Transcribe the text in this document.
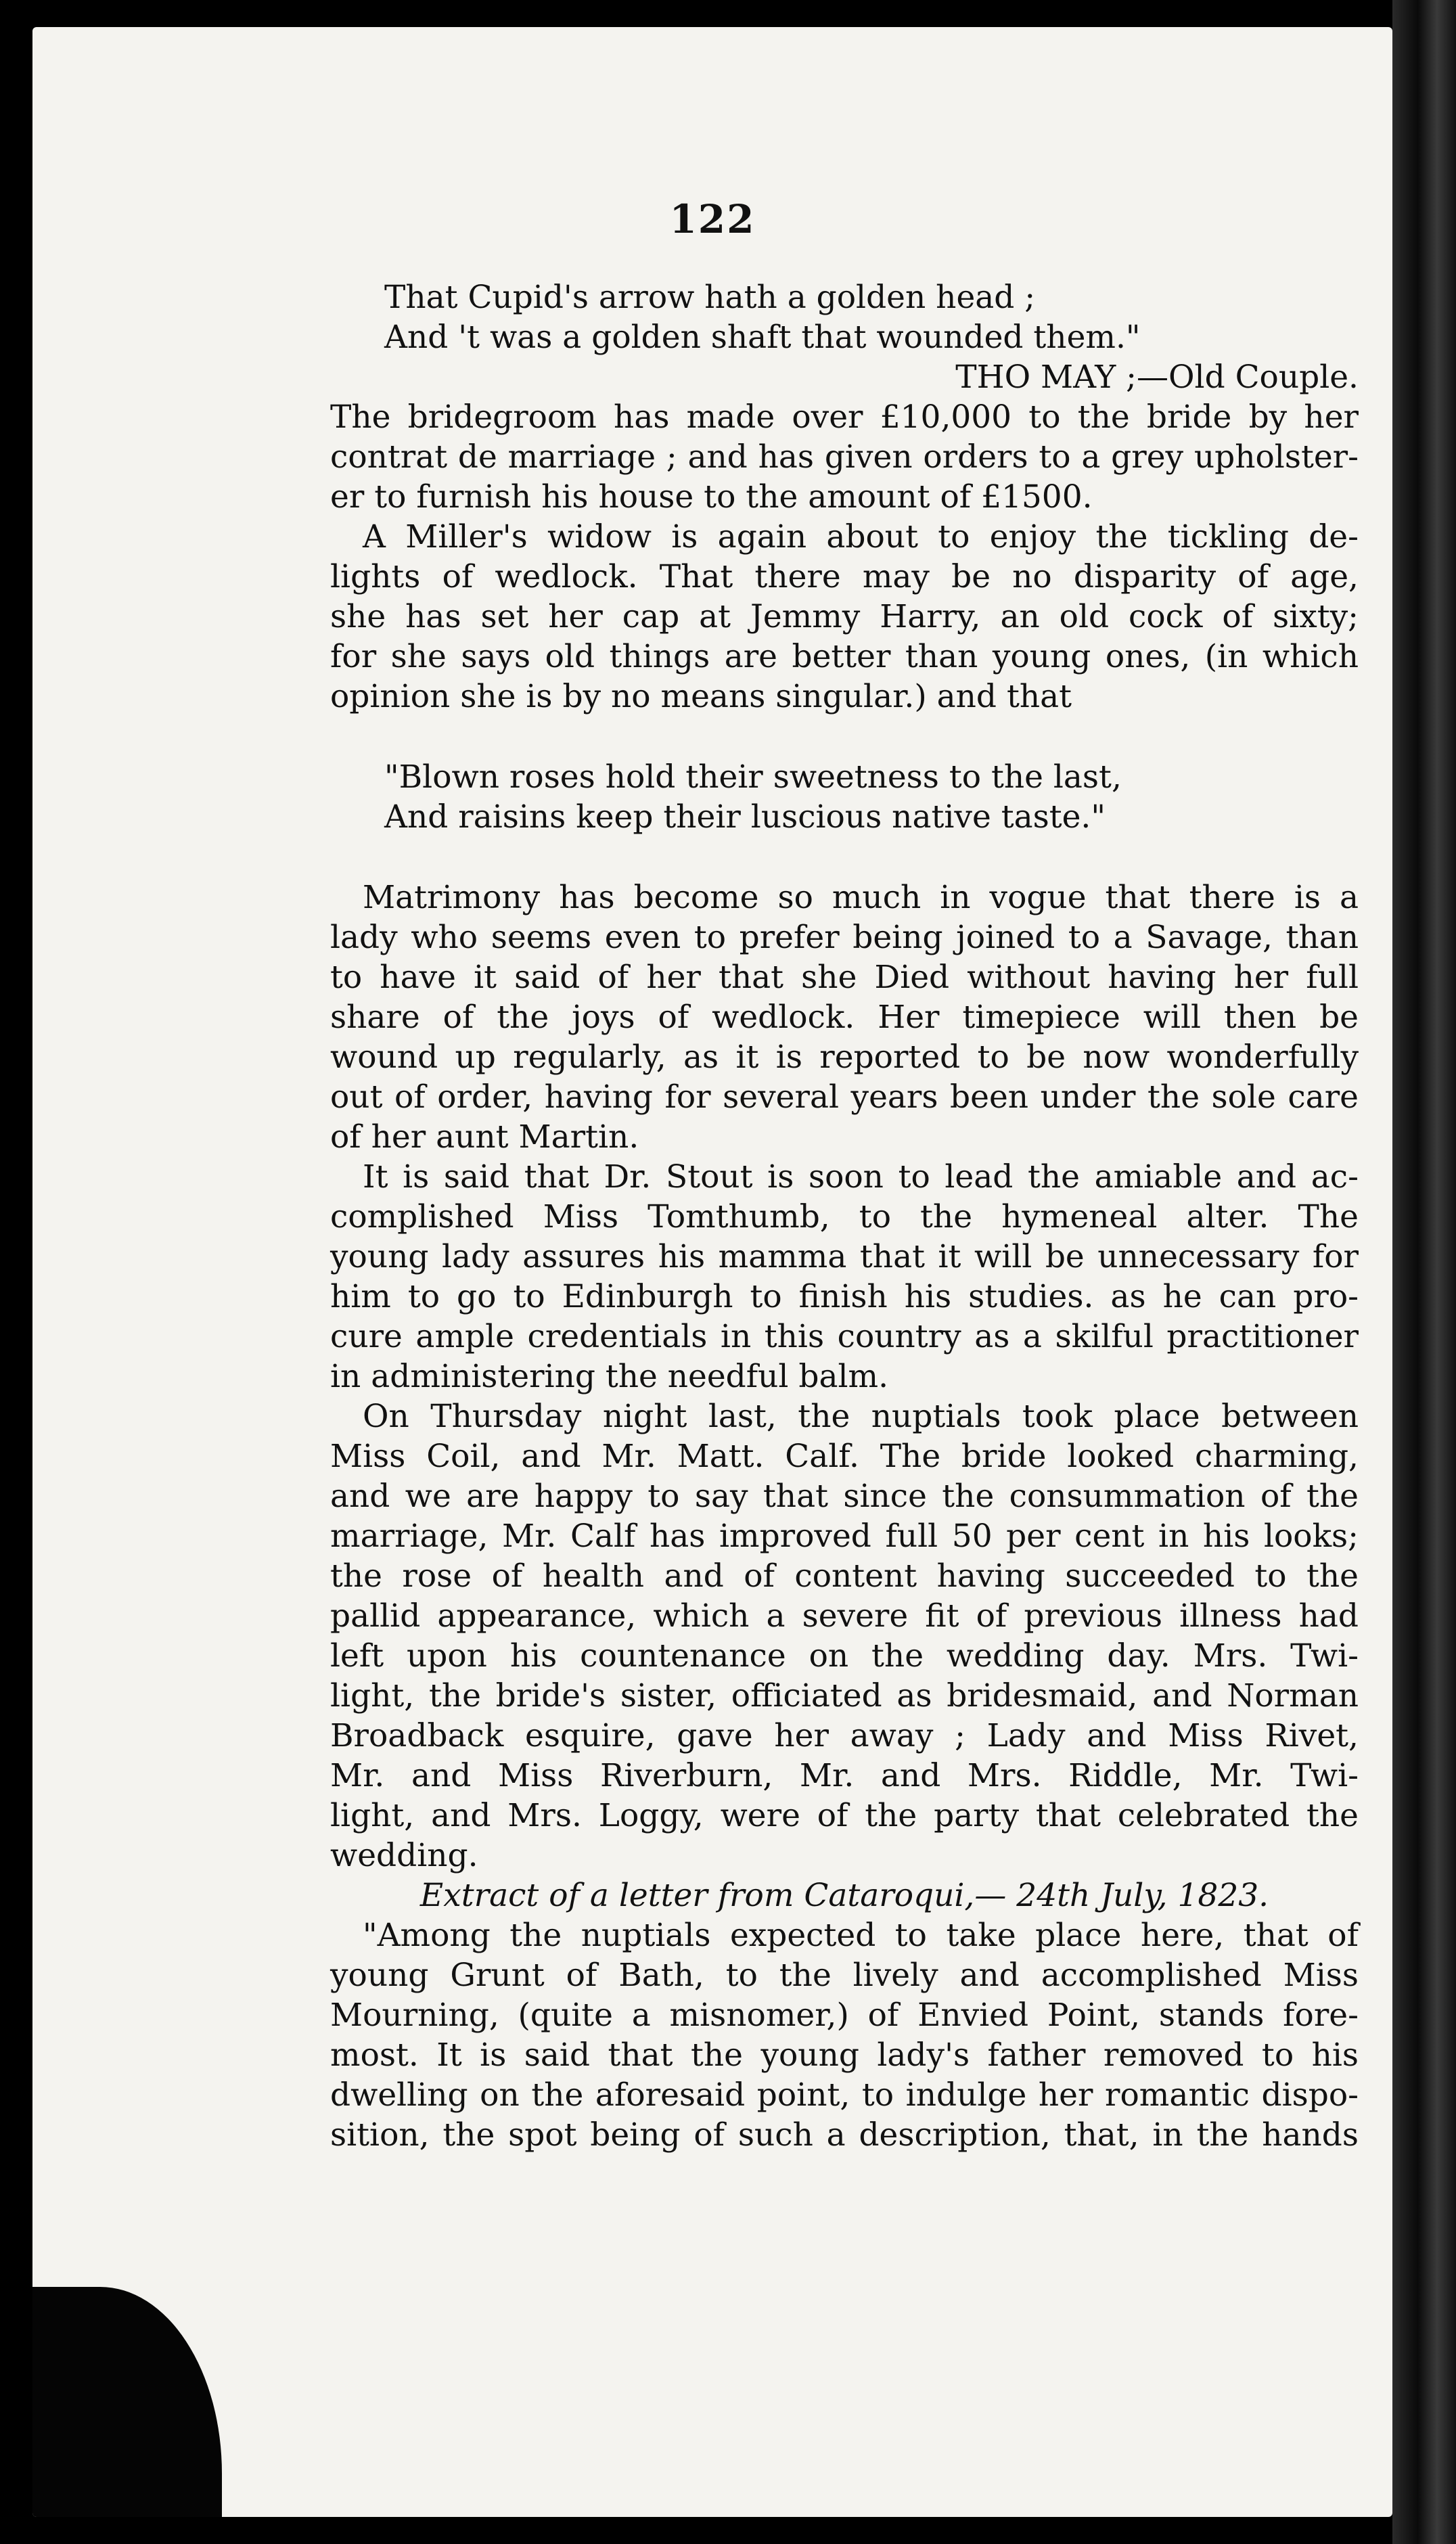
122

That Cupid's arrow hath a golden head ;

And 't was a golden shaft that wounded them."

THO MAY ;—Old Couple.

The bridegroom has made over £10,000 to the bride by her

contrat de marriage ; and has given orders to a grey upholster-

er to furnish his house to the amount of £1500.

A Miller's widow is again about to enjoy the tickling de-

lights of wedlock. That there may be no disparity of age,

she has set her cap at Jemmy Harry, an old cock of sixty;

for she says old things are better than young ones, (in which

opinion she is by no means singular.) and that

"Blown roses hold their sweetness to the last,

And raisins keep their luscious native taste."

Matrimony has become so much in vogue that there is a

lady who seems even to prefer being joined to a Savage, than

to have it said of her that she Died without having her full

share of the joys of wedlock. Her timepiece will then be

wound up regularly, as it is reported to be now wonderfully

out of order, having for several years been under the sole care

of her aunt Martin.

It is said that Dr. Stout is soon to lead the amiable and ac-

complished Miss Tomthumb, to the hymeneal alter. The

young lady assures his mamma that it will be unnecessary for

him to go to Edinburgh to finish his studies. as he can pro-

cure ample credentials in this country as a skilful practitioner

in administering the needful balm.

On Thursday night last, the nuptials took place between

Miss Coil, and Mr. Matt. Calf. The bride looked charming,

and we are happy to say that since the consummation of the

marriage, Mr. Calf has improved full 50 per cent in his looks;

the rose of health and of content having succeeded to the

pallid appearance, which a severe fit of previous illness had

left upon his countenance on the wedding day. Mrs. Twi-

light, the bride's sister, officiated as bridesmaid, and Norman

Broadback esquire, gave her away ; Lady and Miss Rivet,

Mr. and Miss Riverburn, Mr. and Mrs. Riddle, Mr. Twi-

light, and Mrs. Loggy, were of the party that celebrated the

wedding.

Extract of a letter from Cataroqui,— 24th July, 1823.

"Among the nuptials expected to take place here, that of

young Grunt of Bath, to the lively and accomplished Miss

Mourning, (quite a misnomer,) of Envied Point, stands fore-

most. It is said that the young lady's father removed to his

dwelling on the aforesaid point, to indulge her romantic dispo-

sition, the spot being of such a description, that, in the hands
